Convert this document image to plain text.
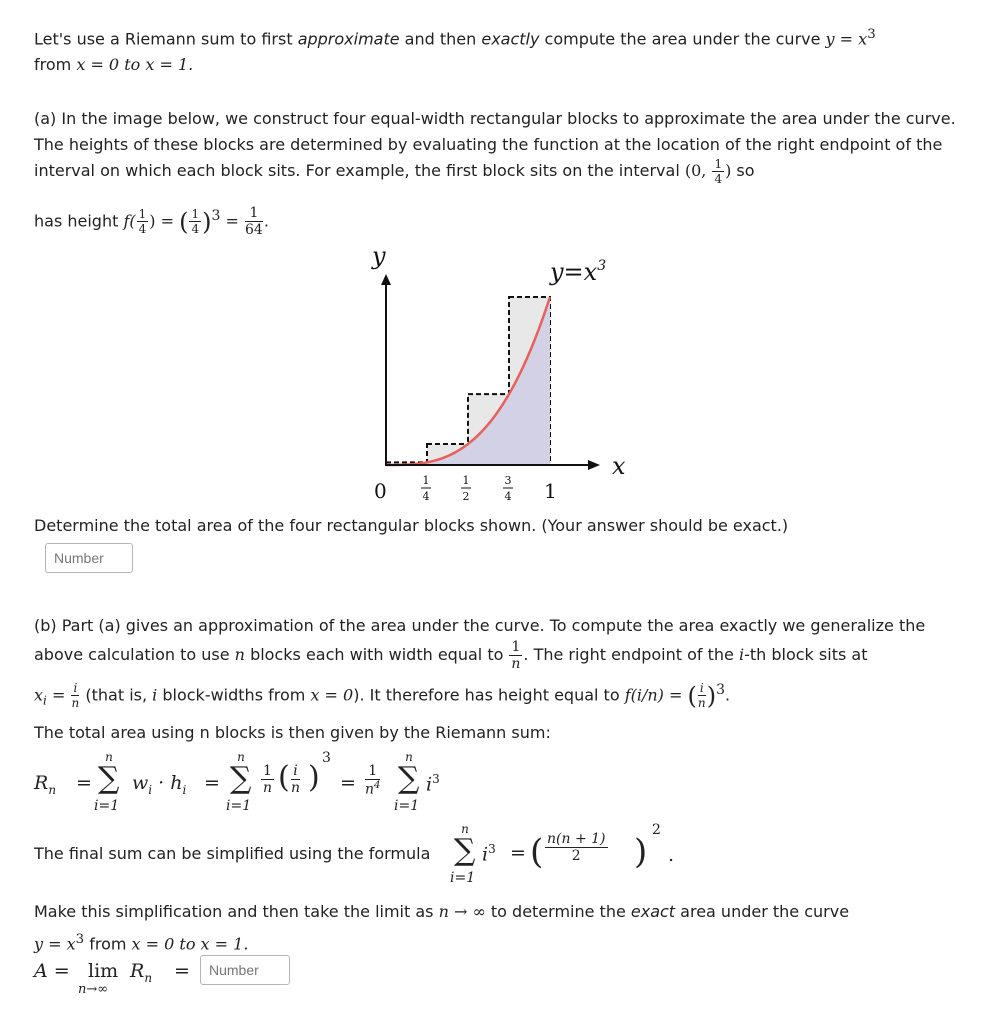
Let's use a Riemann sum to first approximate and then exactly compute the area under the curve $y = x^3$
from x = 0 to x = 1.
(a) In the image below, we construct four equal-width rectangular blocks to approximate the area under the curve. The heights of these blocks are determined by evaluating the function at the location of the right endpoint of the interval on which each block sits. For example, the first block sits on the interval (0, $\frac{1}{4}$ ) so
has height $f( \frac{1}{4}$ ) = ( $\frac{1}{4} )^3 = \frac{1}{64}$ .
y
x
$y=x^3$
0	1
4
1
2
3
4 1
Determine the total area of the four rectangular blocks shown. (Your answer should be exact.)
Number
(b) Part (a) gives an approximation of the area under the curve. To compute the area exactly we generalize the above calculation to use n blocks each with width equal to $\frac{1}{n}$ . The right endpoint of the i-th block sits at
$x_i = \frac{i}{n}$ (that is, i block-widths from x = 0). It therefore has height equal to f(i/n) = ( $\frac{i}{n} )^3$.
The total area using n blocks is then given by the Riemann sum:
$R_n$ =
n
∑
i=1
$w_i \cdot h_i$ =
n
∑
i=1
$\frac{1}{n}$ ( $\frac{i}{n}$ )
3
= $\frac{1}{n^4}$
n
∑
i=1
$i^3$
The final sum can be simplified using the formula
n
∑
i=1
$i^3$ = ( $\frac{n(n + 1)}{2}$ )
2
.
Make this simplification and then take the limit as n → ∞ to determine the exact area under the curve
$y = x^3$ from x = 0 to x = 1.
A = lim
n→∞
$R_n$ =
Number
